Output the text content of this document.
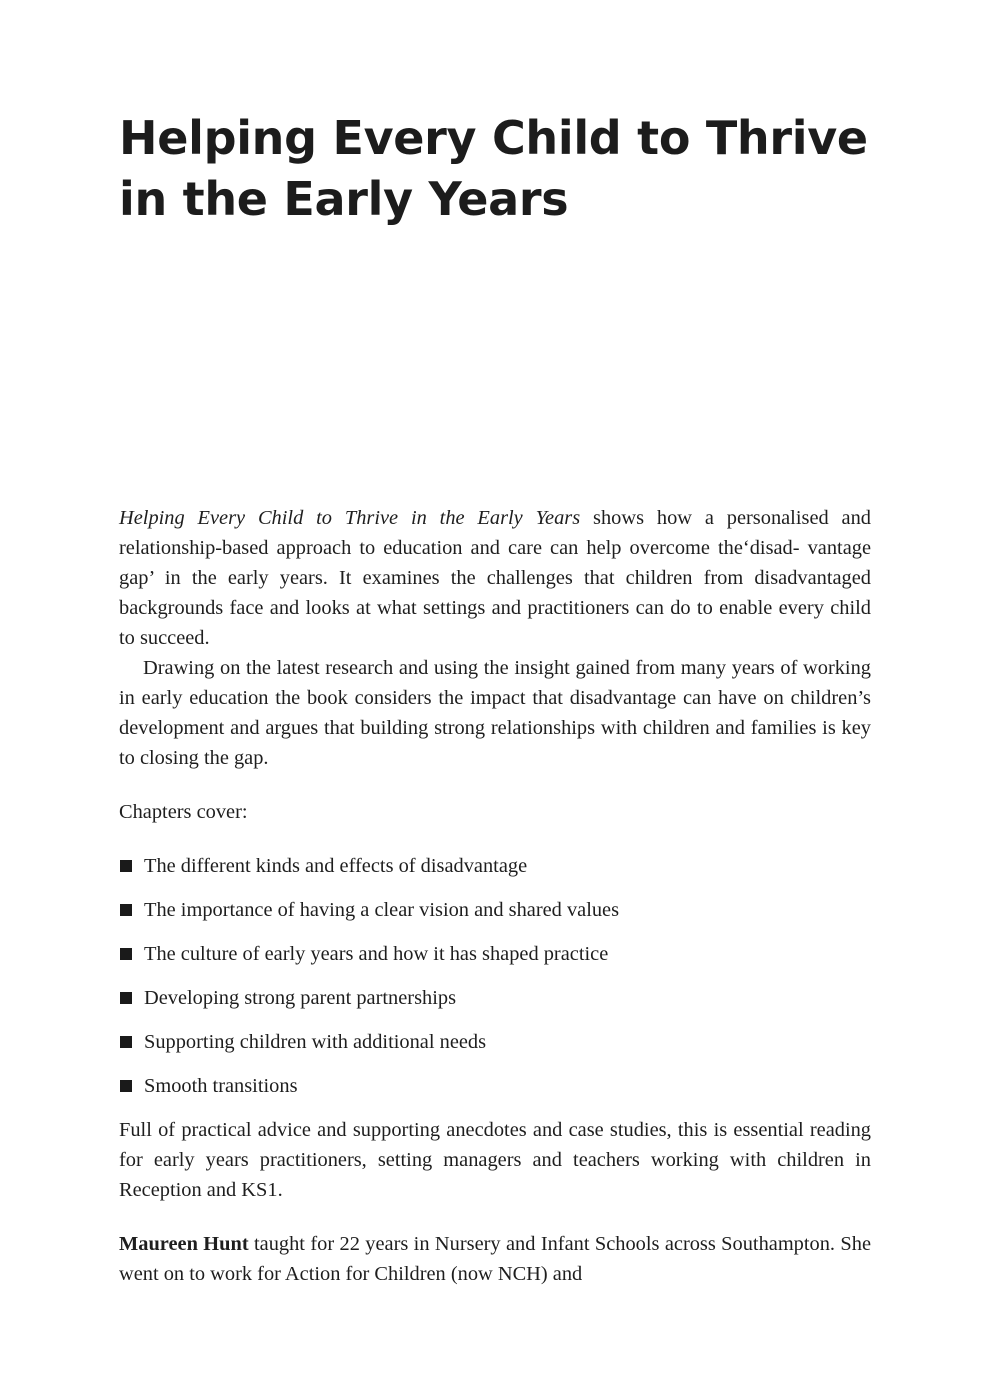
Helping Every Child to Thrive
in the Early Years

Helping Every Child to Thrive in the Early Years shows how a personalised and relationship-based approach to education and care can help overcome the‘disad- vantage gap’ in the early years. It examines the challenges that children from disadvantaged backgrounds face and looks at what settings and practitioners can do to enable every child to succeed.

Drawing on the latest research and using the insight gained from many years of working in early education the book considers the impact that disadvantage can have on children’s development and argues that building strong relationships with children and families is key to closing the gap.

Chapters cover:

The different kinds and effects of disadvantage
The importance of having a clear vision and shared values
The culture of early years and how it has shaped practice
Developing strong parent partnerships
Supporting children with additional needs
Smooth transitions

Full of practical advice and supporting anecdotes and case studies, this is essential reading for early years practitioners, setting managers and teachers working with children in Reception and KS1.

Maureen Hunt taught for 22 years in Nursery and Infant Schools across Southampton. She went on to work for Action for Children (now NCH) and
